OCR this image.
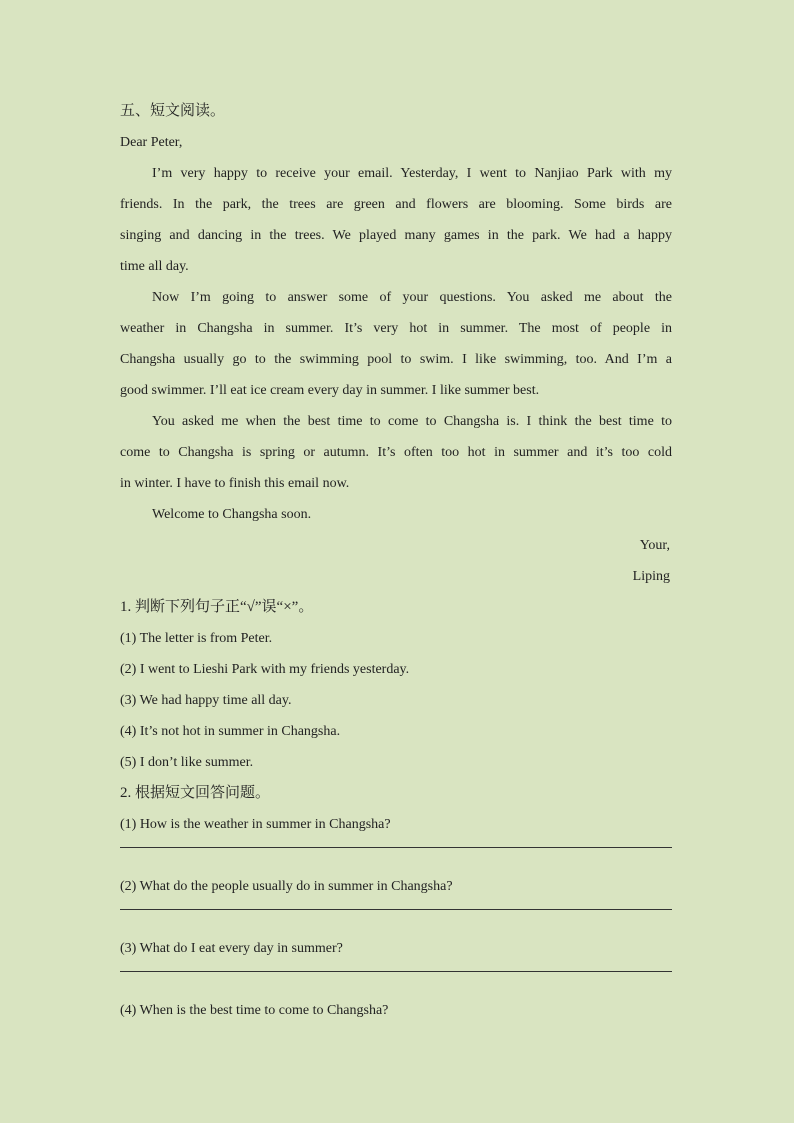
五、短文阅读。
Dear Peter,
I’m very happy to receive your email. Yesterday, I went to Nanjiao Park with my
friends. In the park, the trees are green and flowers are blooming. Some birds are
singing and dancing in the trees. We played many games in the park. We had a happy
time all day.
Now I’m going to answer some of your questions. You asked me about the
weather in Changsha in summer. It’s very hot in summer. The most of people in
Changsha usually go to the swimming pool to swim. I like swimming, too. And I’m a
good swimmer. I’ll eat ice cream every day in summer. I like summer best.
You asked me when the best time to come to Changsha is. I think the best time to
come to Changsha is spring or autumn. It’s often too hot in summer and it’s too cold
in winter. I have to finish this email now.
Welcome to Changsha soon.
Your,
Liping
1. 判断下列句子正“√”误“×”。
(1) The letter is from Peter.
(2) I went to Lieshi Park with my friends yesterday.
(3) We had happy time all day.
(4) It’s not hot in summer in Changsha.
(5) I don’t like summer.
2. 根据短文回答问题。
(1) How is the weather in summer in Changsha?
(2) What do the people usually do in summer in Changsha?
(3) What do I eat every day in summer?
(4) When is the best time to come to Changsha?
